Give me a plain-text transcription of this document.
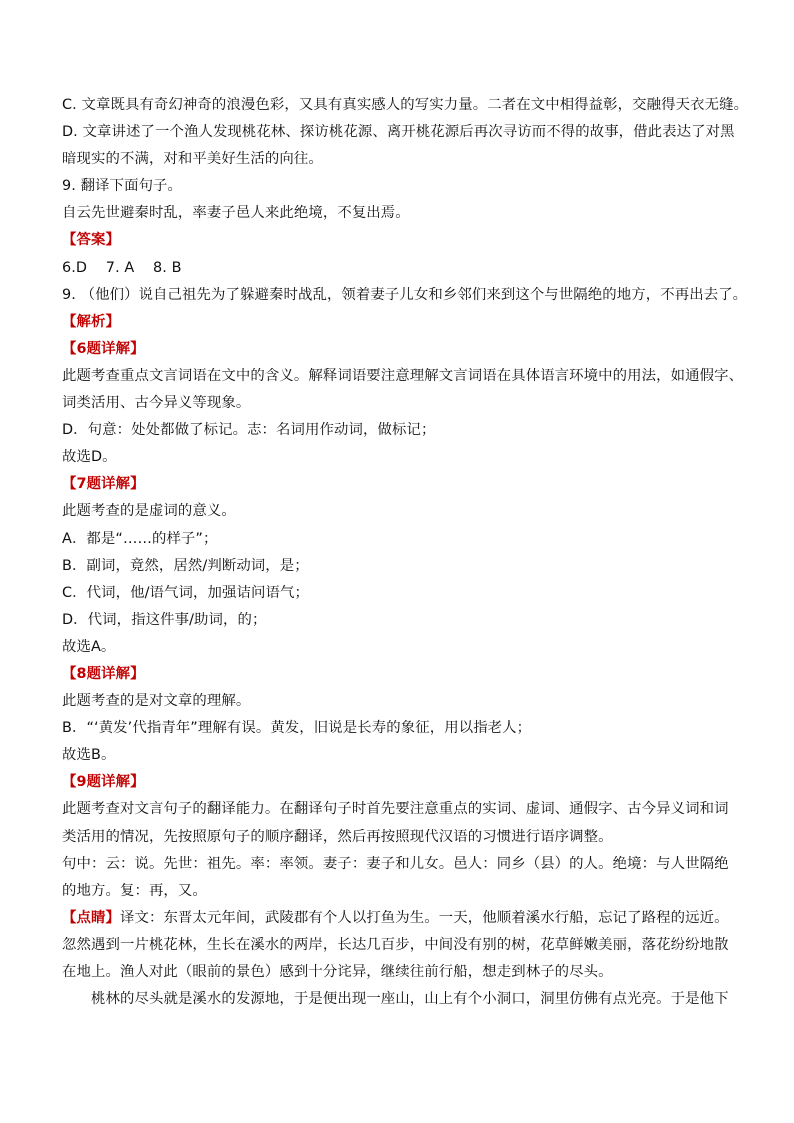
C. 文章既具有奇幻神奇的浪漫色彩，又具有真实感人的写实力量。二者在文中相得益彰，交融得天衣无缝。
D. 文章讲述了一个渔人发现桃花林、探访桃花源、离开桃花源后再次寻访而不得的故事，借此表达了对黑
暗现实的不满，对和平美好生活的向往。
9. 翻译下面句子。
自云先世避秦时乱，率妻子邑人来此绝境，不复出焉。
【答案】
6.D    7. A    8. B
9. （他们）说自己祖先为了躲避秦时战乱，领着妻子儿女和乡邻们来到这个与世隔绝的地方，不再出去了。
【解析】
【6题详解】
此题考查重点文言词语在文中的含义。解释词语要注意理解文言词语在具体语言环境中的用法，如通假字、
词类活用、古今异义等现象。
D．句意：处处都做了标记。志：名词用作动词，做标记；
故选D。
【7题详解】
此题考查的是虚词的意义。
A．都是“……的样子”；
B．副词，竟然，居然/判断动词，是；
C．代词，他/语气词，加强诘问语气；
D．代词，指这件事/助词，的；
故选A。
【8题详解】
此题考查的是对文章的理解。
B．“‘黄发’代指青年”理解有误。黄发，旧说是长寿的象征，用以指老人；
故选B。
【9题详解】
此题考查对文言句子的翻译能力。在翻译句子时首先要注意重点的实词、虚词、通假字、古今异义词和词
类活用的情况，先按照原句子的顺序翻译，然后再按照现代汉语的习惯进行语序调整。
句中：云：说。先世：祖先。率：率领。妻子：妻子和儿女。邑人：同乡（县）的人。绝境：与人世隔绝
的地方。复：再，又。
【点睛】译文：东晋太元年间，武陵郡有个人以打鱼为生。一天，他顺着溪水行船，忘记了路程的远近。
忽然遇到一片桃花林，生长在溪水的两岸，长达几百步，中间没有别的树，花草鲜嫩美丽，落花纷纷地散
在地上。渔人对此（眼前的景色）感到十分诧异，继续往前行船，想走到林子的尽头。
桃林的尽头就是溪水的发源地，于是便出现一座山，山上有个小洞口，洞里仿佛有点光亮。于是他下
